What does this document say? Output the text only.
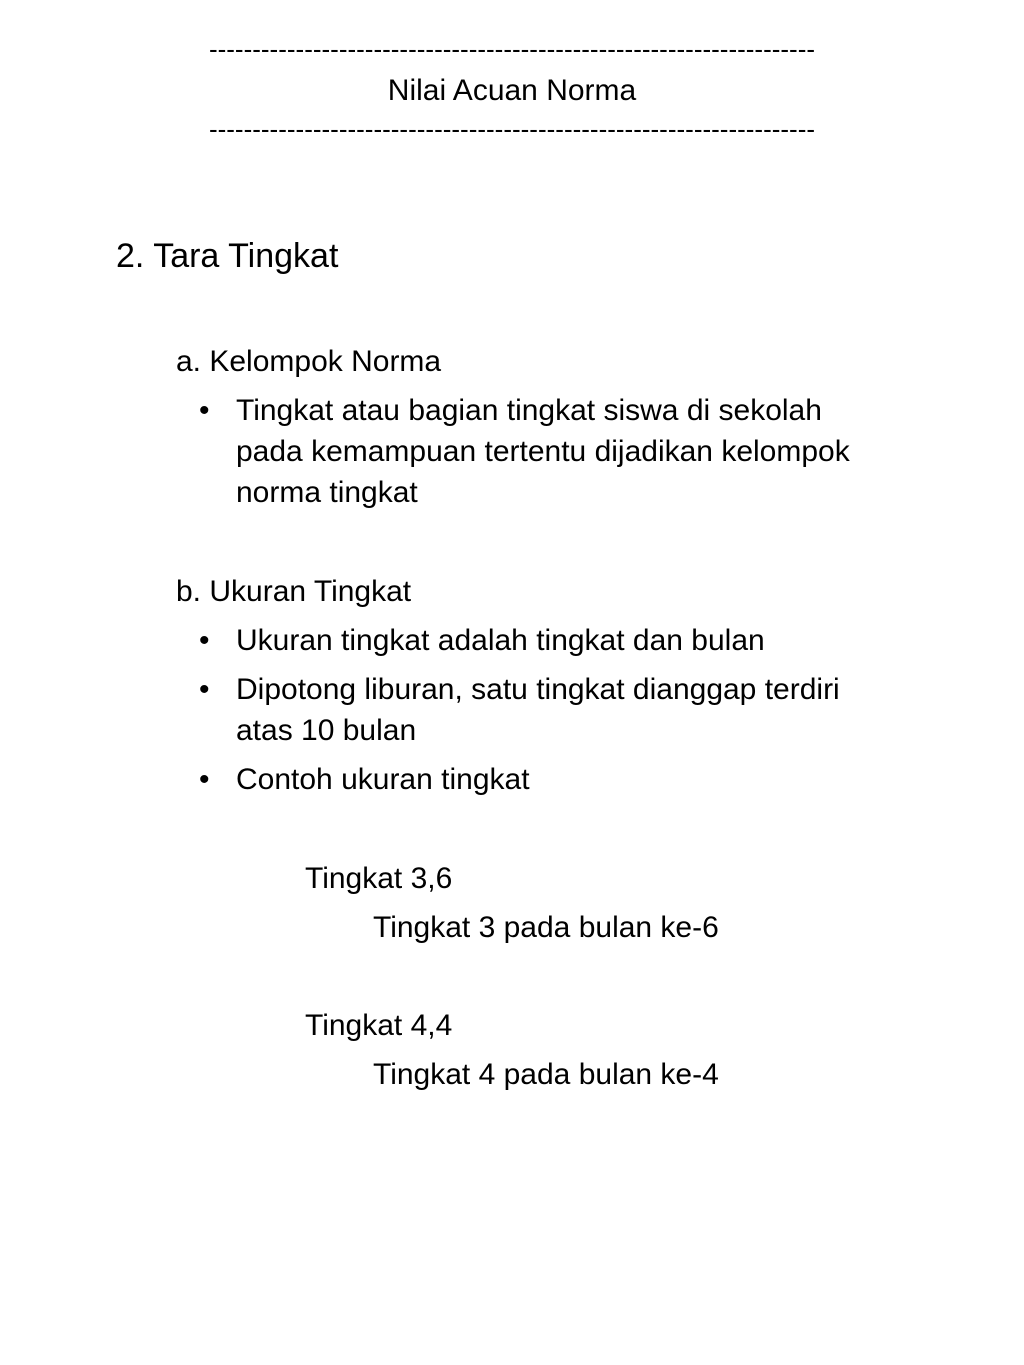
----------------------------------------------------------------------
Nilai Acuan Norma
----------------------------------------------------------------------
2. Tara Tingkat
a. Kelompok Norma
• Tingkat atau bagian tingkat siswa di sekolah
pada kemampuan tertentu dijadikan kelompok
norma tingkat
b. Ukuran Tingkat
• Ukuran tingkat adalah tingkat dan bulan
• Dipotong liburan, satu tingkat dianggap terdiri
atas 10 bulan
• Contoh ukuran tingkat
Tingkat 3,6
Tingkat 3 pada bulan ke-6
Tingkat 4,4
Tingkat 4 pada bulan ke-4
